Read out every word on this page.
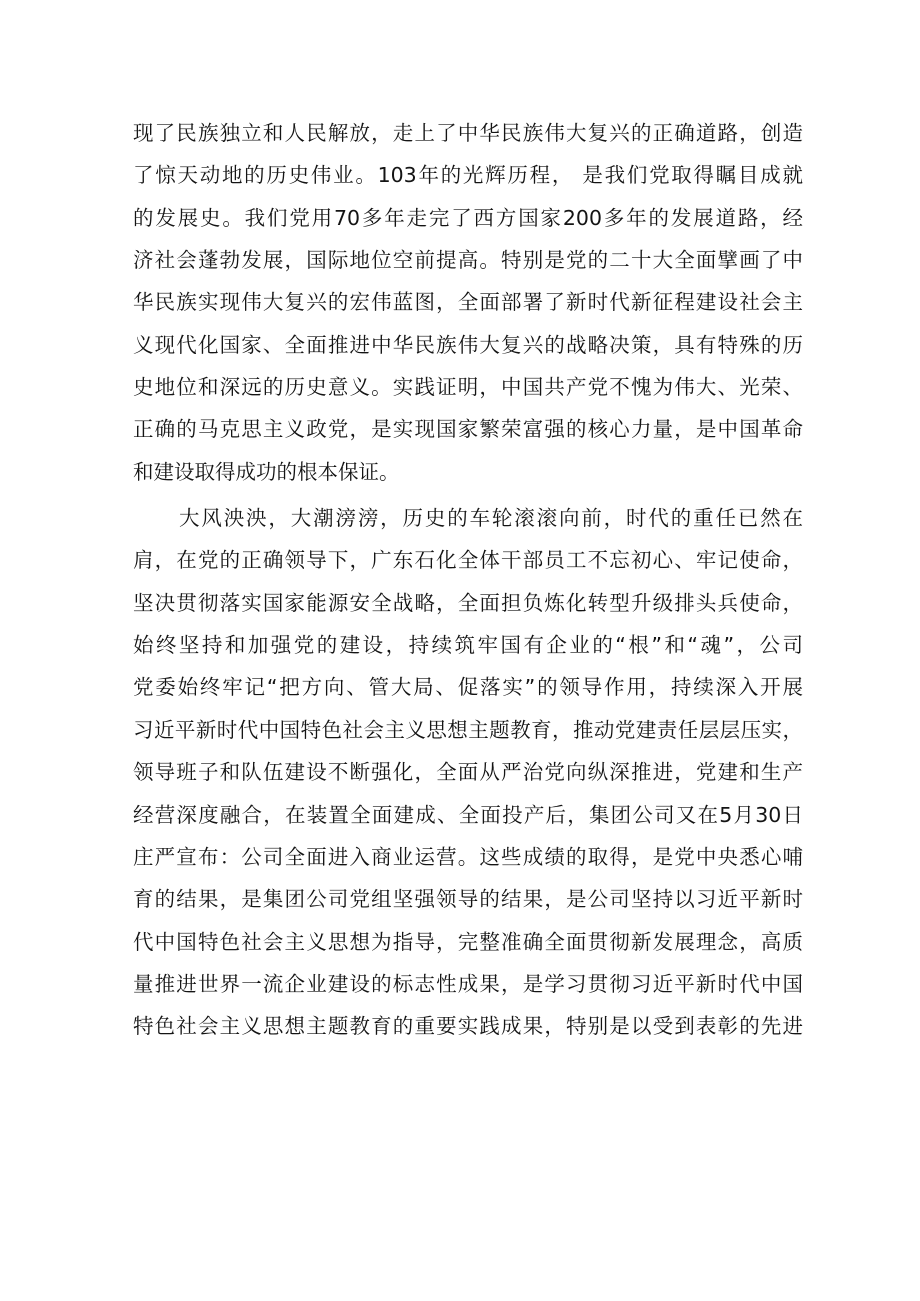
现了民族独立和人民解放，走上了中华民族伟大复兴的正确道路，创造
了惊天动地的历史伟业。103年的光辉历程， 是我们党取得瞩目成就
的发展史。我们党用70多年走完了西方国家200多年的发展道路，经
济社会蓬勃发展，国际地位空前提高。特别是党的二十大全面擘画了中
华民族实现伟大复兴的宏伟蓝图，全面部署了新时代新征程建设社会主
义现代化国家、全面推进中华民族伟大复兴的战略决策，具有特殊的历
史地位和深远的历史意义。实践证明，中国共产党不愧为伟大、光荣、
正确的马克思主义政党，是实现国家繁荣富强的核心力量，是中国革命
和建设取得成功的根本保证。
大风泱泱，大潮滂滂，历史的车轮滚滚向前，时代的重任已然在
肩，在党的正确领导下，广东石化全体干部员工不忘初心、牢记使命，
坚决贯彻落实国家能源安全战略，全面担负炼化转型升级排头兵使命，
始终坚持和加强党的建设，持续筑牢国有企业的“根”和“魂”，公司
党委始终牢记“把方向、管大局、促落实”的领导作用，持续深入开展
习近平新时代中国特色社会主义思想主题教育，推动党建责任层层压实，
领导班子和队伍建设不断强化，全面从严治党向纵深推进，党建和生产
经营深度融合，在装置全面建成、全面投产后，集团公司又在5月30日
庄严宣布：公司全面进入商业运营。这些成绩的取得，是党中央悉心哺
育的结果，是集团公司党组坚强领导的结果，是公司坚持以习近平新时
代中国特色社会主义思想为指导，完整准确全面贯彻新发展理念，高质
量推进世界一流企业建设的标志性成果，是学习贯彻习近平新时代中国
特色社会主义思想主题教育的重要实践成果，特别是以受到表彰的先进
